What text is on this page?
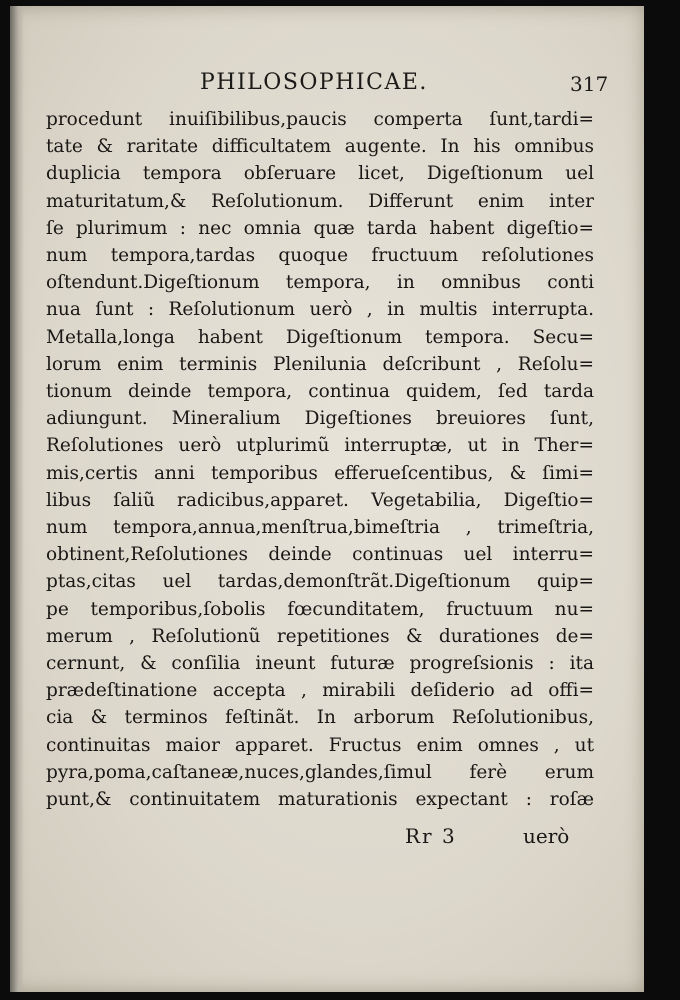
PHILOSOPHICAE.	317
procedunt inuiſibilibus,paucis comperta ſunt,tardi=
tate & raritate difficultatem augente. In his omnibus
duplicia tempora obſeruare licet, Digeſtionum uel
maturitatum,& Reſolutionum. Differunt enim inter
ſe plurimum : nec omnia quæ tarda habent digeſtio=
num tempora,tardas quoque fructuum reſolutiones
oſtendunt.Digeſtionum tempora, in omnibus conti
nua ſunt : Reſolutionum uerò , in multis interrupta.
Metalla,longa habent Digeſtionum tempora. Secu=
lorum enim terminis Plenilunia deſcribunt , Reſolu=
tionum deinde tempora, continua quidem, ſed tarda
adiungunt. Mineralium Digeſtiones breuiores ſunt,
Reſolutiones uerò utplurimũ interruptæ, ut in Ther=
mis,certis anni temporibus efferueſcentibus, & ſimi=
libus ſaliũ radicibus,apparet. Vegetabilia, Digeſtio=
num tempora,annua,menſtrua,bimeſtria , trimeſtria,
obtinent,Reſolutiones deinde continuas uel interru=
ptas,citas uel tardas,demonſtrãt.Digeſtionum quip=
pe temporibus,ſobolis fœcunditatem, fructuum nu=
merum , Reſolutionũ repetitiones & durationes de=
cernunt, & conſilia ineunt futuræ progreſsionis : ita
prædeſtinatione accepta , mirabili deſiderio ad offi=
cia & terminos feſtinãt. In arborum Reſolutionibus,
continuitas maior apparet. Fructus enim omnes , ut
pyra,poma,caſtaneæ,nuces,glandes,ſimul ferè erum
punt,& continuitatem maturationis expectant : roſæ
Rr 3	uerò
